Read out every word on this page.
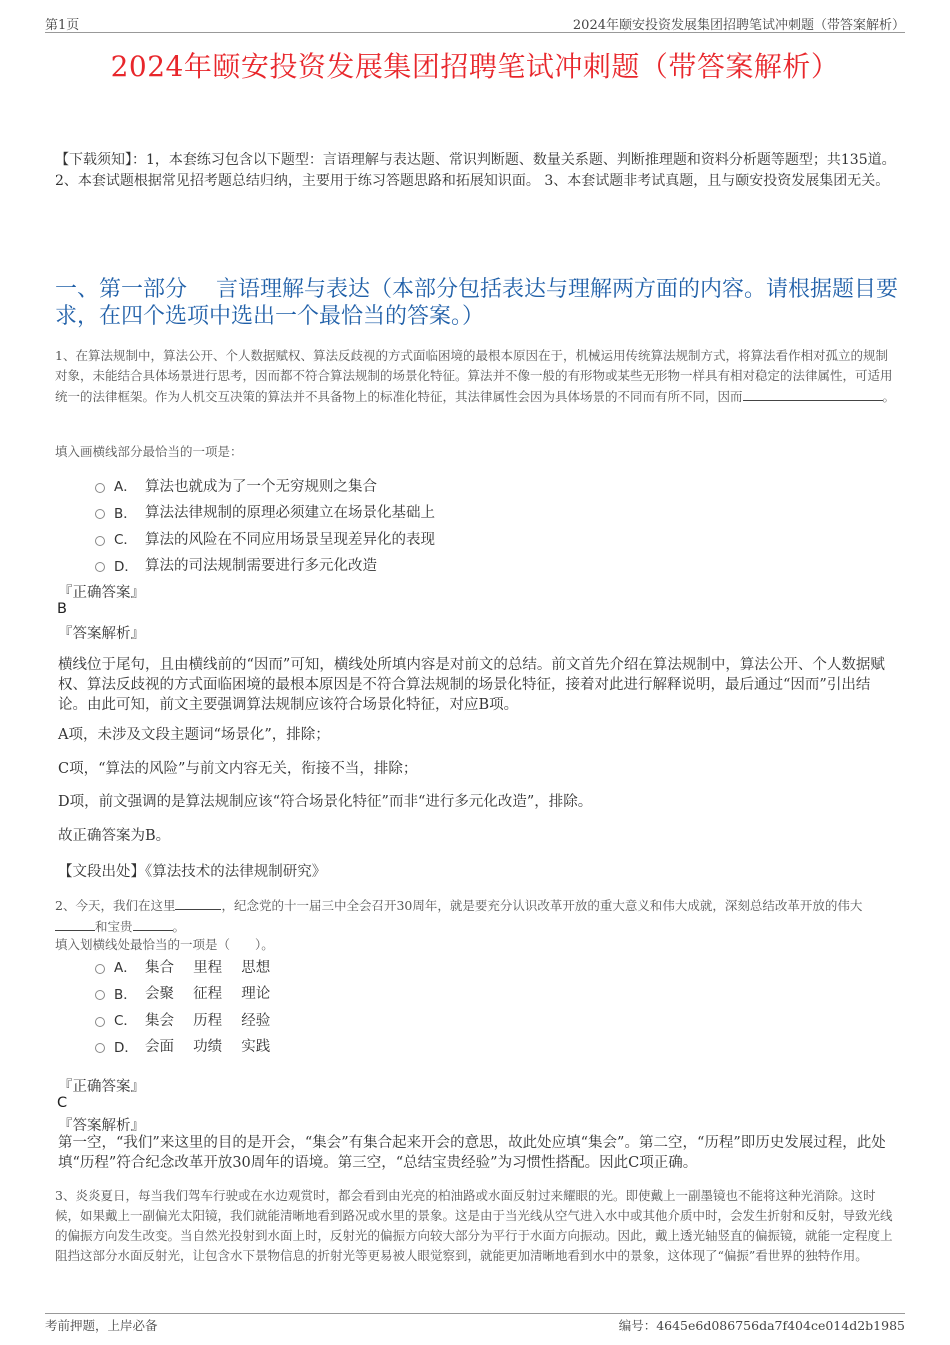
第1页	2024年颐安投资发展集团招聘笔试冲刺题（带答案解析）
2024年颐安投资发展集团招聘笔试冲刺题（带答案解析）
【下载须知】：1，本套练习包含以下题型：言语理解与表达题、常识判断题、数量关系题、判断推理题和资料分析题等题型；共135道。 2、本套试题根据常见招考题总结归纳，主要用于练习答题思路和拓展知识面。 3、本套试题非考试真题，且与颐安投资发展集团无关。
一、第一部分　 言语理解与表达（本部分包括表达与理解两方面的内容。请根据题目要求，在四个选项中选出一个最恰当的答案。）
1、在算法规制中，算法公开、个人数据赋权、算法反歧视的方式面临困境的最根本原因在于，机械运用传统算法规制方式，将算法看作相对孤立的规制对象，未能结合具体场景进行思考，因而都不符合算法规制的场景化特征。算法并不像一般的有形物或某些无形物一样具有相对稳定的法律属性，可适用统一的法律框架。作为人机交互决策的算法并不具备物上的标准化特征，其法律属性会因为具体场景的不同而有所不同，因而	。
填入画横线部分最恰当的一项是：
A． 算法也就成为了一个无穷规则之集合
B． 算法法律规制的原理必须建立在场景化基础上
C． 算法的风险在不同应用场景呈现差异化的表现
D． 算法的司法规制需要进行多元化改造
『正确答案』
B
『答案解析』
横线位于尾句，且由横线前的“因而”可知，横线处所填内容是对前文的总结。前文首先介绍在算法规制中，算法公开、个人数据赋权、算法反歧视的方式面临困境的最根本原因是不符合算法规制的场景化特征，接着对此进行解释说明，最后通过“因而”引出结论。由此可知，前文主要强调算法规制应该符合场景化特征，对应B项。
A项，未涉及文段主题词“场景化”，排除；
C项，“算法的风险”与前文内容无关，衔接不当，排除；
D项，前文强调的是算法规制应该“符合场景化特征”而非“进行多元化改造”，排除。
故正确答案为B。
【文段出处】《算法技术的法律规制研究》
2、今天，我们在这里	，纪念党的十一届三中全会召开30周年，就是要充分认识改革开放的重大意义和伟大成就，深刻总结改革开放的伟大和宝贵	。
填入划横线处最恰当的一项是（　　）。
A． 集合　 里程　 思想
B． 会聚　 征程　 理论
C． 集会　 历程　 经验
D． 会面　 功绩　 实践
『正确答案』
C
『答案解析』
第一空，“我们”来这里的目的是开会，“集会”有集合起来开会的意思，故此处应填“集会”。第二空，“历程”即历史发展过程，此处填“历程”符合纪念改革开放30周年的语境。第三空，“总结宝贵经验”为习惯性搭配。因此C项正确。
3、炎炎夏日，每当我们驾车行驶或在水边观赏时，都会看到由光亮的柏油路或水面反射过来耀眼的光。即使戴上一副墨镜也不能将这种光消除。这时候，如果戴上一副偏光太阳镜，我们就能清晰地看到路况或水里的景象。这是由于当光线从空气进入水中或其他介质中时，会发生折射和反射，导致光线的偏振方向发生改变。当自然光投射到水面上时，反射光的偏振方向较大部分为平行于水面方向振动。因此，戴上透光轴竖直的偏振镜，就能一定程度上阻挡这部分水面反射光，让包含水下景物信息的折射光等更易被人眼觉察到，就能更加清晰地看到水中的景象，这体现了“偏振”看世界的独特作用。
考前押题，上岸必备	编号：4645e6d086756da7f404ce014d2b1985
